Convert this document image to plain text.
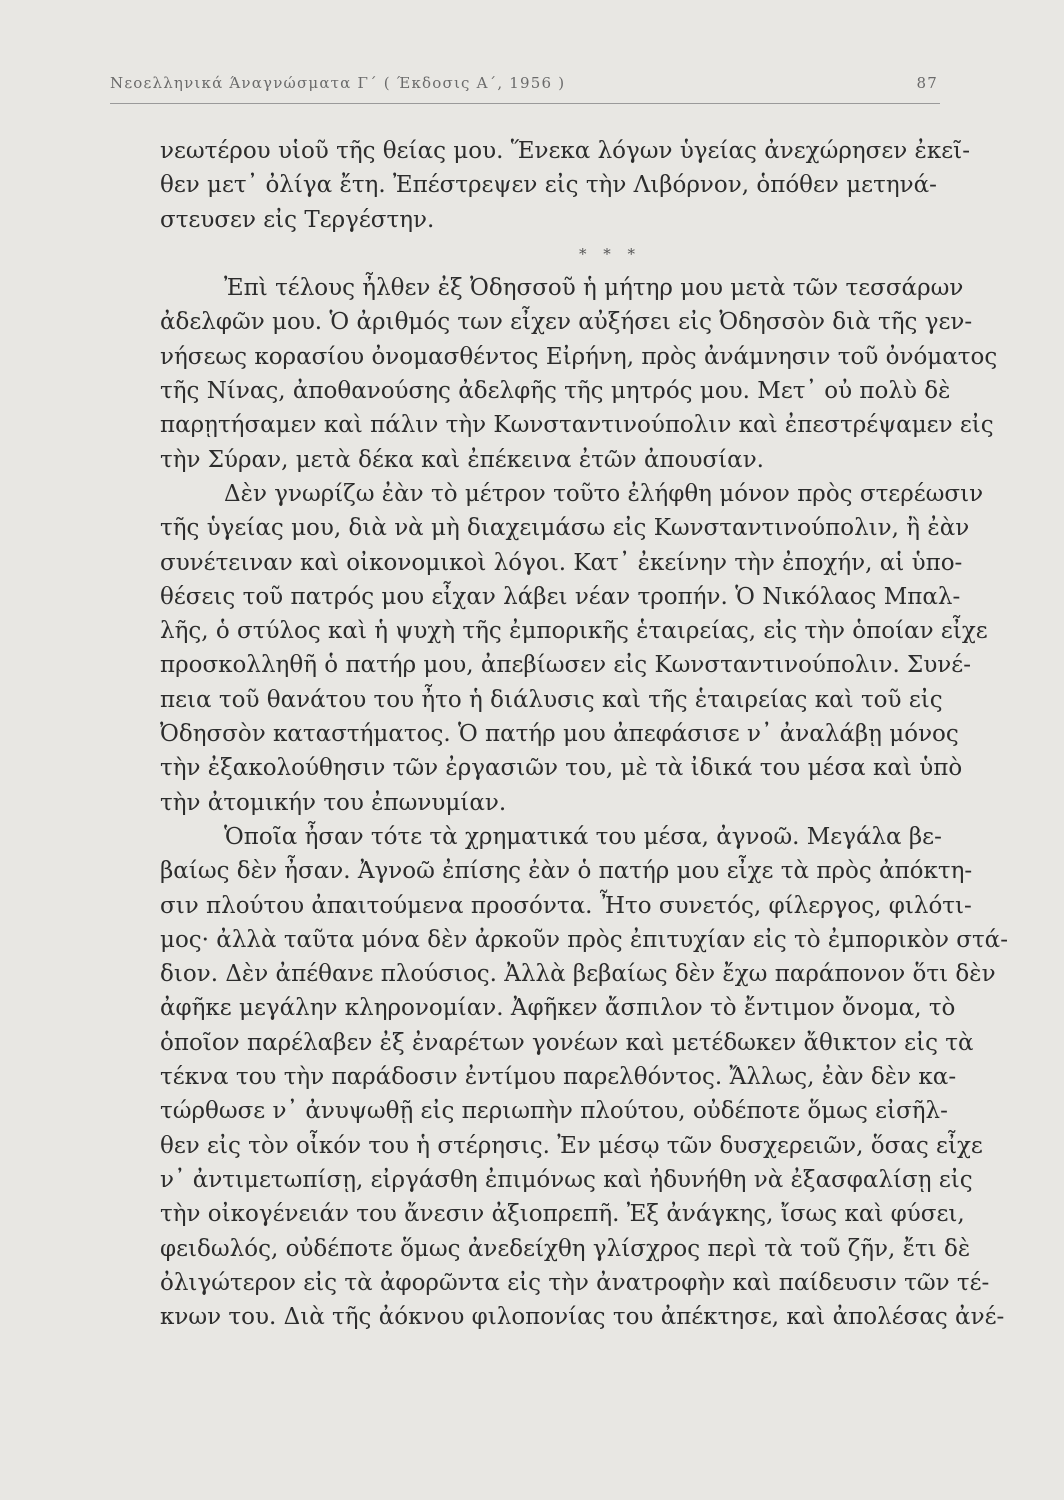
Νεοελληνικά Άναγνώσματα Γ΄ ( Έκδοσις Α΄, 1956 )	87
νεωτέρου υἱοῦ τῆς θείας μου. Ἕνεκα λόγων ὑγείας ἀνεχώρησεν ἐκεῖ-
θεν μετ᾽ ὀλίγα ἔτη. Ἐπέστρεψεν εἰς τὴν Λιβόρνον, ὁπόθεν μετηνά-
στευσεν εἰς Τεργέστην.
* * *
Ἐπὶ τέλους ἦλθεν ἐξ Ὀδησσοῦ ἡ μήτηρ μου μετὰ τῶν τεσσάρων
ἀδελφῶν μου. Ὁ ἀριθμός των εἶχεν αὐξήσει εἰς Ὀδησσὸν διὰ τῆς γεν-
νήσεως κορασίου ὀνομασθέντος Εἰρήνη, πρὸς ἀνάμνησιν τοῦ ὀνόματος
τῆς Νίνας, ἀποθανούσης ἀδελφῆς τῆς μητρός μου. Μετ᾽ οὐ πολὺ δὲ
παρῃτήσαμεν καὶ πάλιν τὴν Κωνσταντινούπολιν καὶ ἐπεστρέψαμεν εἰς
τὴν Σύραν, μετὰ δέκα καὶ ἐπέκεινα ἐτῶν ἀπουσίαν.
Δὲν γνωρίζω ἐὰν τὸ μέτρον τοῦτο ἐλήφθη μόνον πρὸς στερέωσιν
τῆς ὑγείας μου, διὰ νὰ μὴ διαχειμάσω εἰς Κωνσταντινούπολιν, ἢ ἐὰν
συνέτειναν καὶ οἰκονομικοὶ λόγοι. Κατ᾽ ἐκείνην τὴν ἐποχήν, αἱ ὑπο-
θέσεις τοῦ πατρός μου εἶχαν λάβει νέαν τροπήν. Ὁ Νικόλαος Μπαλ-
λῆς, ὁ στύλος καὶ ἡ ψυχὴ τῆς ἐμπορικῆς ἑταιρείας, εἰς τὴν ὁποίαν εἶχε
προσκολληθῆ ὁ πατήρ μου, ἀπεβίωσεν εἰς Κωνσταντινούπολιν. Συνέ-
πεια τοῦ θανάτου του ἦτο ἡ διάλυσις καὶ τῆς ἑταιρείας καὶ τοῦ εἰς
Ὀδησσὸν καταστήματος. Ὁ πατήρ μου ἀπεφάσισε ν᾽ ἀναλάβῃ μόνος
τὴν ἐξακολούθησιν τῶν ἐργασιῶν του, μὲ τὰ ἰδικά του μέσα καὶ ὑπὸ
τὴν ἀτομικήν του ἐπωνυμίαν.
Ὁποῖα ἦσαν τότε τὰ χρηματικά του μέσα, ἀγνοῶ. Μεγάλα βε-
βαίως δὲν ἦσαν. Ἀγνοῶ ἐπίσης ἐὰν ὁ πατήρ μου εἶχε τὰ πρὸς ἀπόκτη-
σιν πλούτου ἀπαιτούμενα προσόντα. Ἦτο συνετός, φίλεργος, φιλότι-
μος· ἀλλὰ ταῦτα μόνα δὲν ἀρκοῦν πρὸς ἐπιτυχίαν εἰς τὸ ἐμπορικὸν στά-
διον. Δὲν ἀπέθανε πλούσιος. Ἀλλὰ βεβαίως δὲν ἔχω παράπονον ὅτι δὲν
ἀφῆκε μεγάλην κληρονομίαν. Ἀφῆκεν ἄσπιλον τὸ ἔντιμον ὄνομα, τὸ
ὁποῖον παρέλαβεν ἐξ ἐναρέτων γονέων καὶ μετέδωκεν ἄθικτον εἰς τὰ
τέκνα του τὴν παράδοσιν ἐντίμου παρελθόντος. Ἄλλως, ἐὰν δὲν κα-
τώρθωσε ν᾽ ἀνυψωθῇ εἰς περιωπὴν πλούτου, οὐδέποτε ὅμως εἰσῆλ-
θεν εἰς τὸν οἶκόν του ἡ στέρησις. Ἐν μέσῳ τῶν δυσχερειῶν, ὅσας εἶχε
ν᾽ ἀντιμετωπίσῃ, εἰργάσθη ἐπιμόνως καὶ ἠδυνήθη νὰ ἐξασφαλίσῃ εἰς
τὴν οἰκογένειάν του ἄνεσιν ἀξιοπρεπῆ. Ἐξ ἀνάγκης, ἴσως καὶ φύσει,
φειδωλός, οὐδέποτε ὅμως ἀνεδείχθη γλίσχρος περὶ τὰ τοῦ ζῆν, ἔτι δὲ
ὀλιγώτερον εἰς τὰ ἀφορῶντα εἰς τὴν ἀνατροφὴν καὶ παίδευσιν τῶν τέ-
κνων του. Διὰ τῆς ἀόκνου φιλοπονίας του ἀπέκτησε, καὶ ἀπολέσας ἀνέ-
